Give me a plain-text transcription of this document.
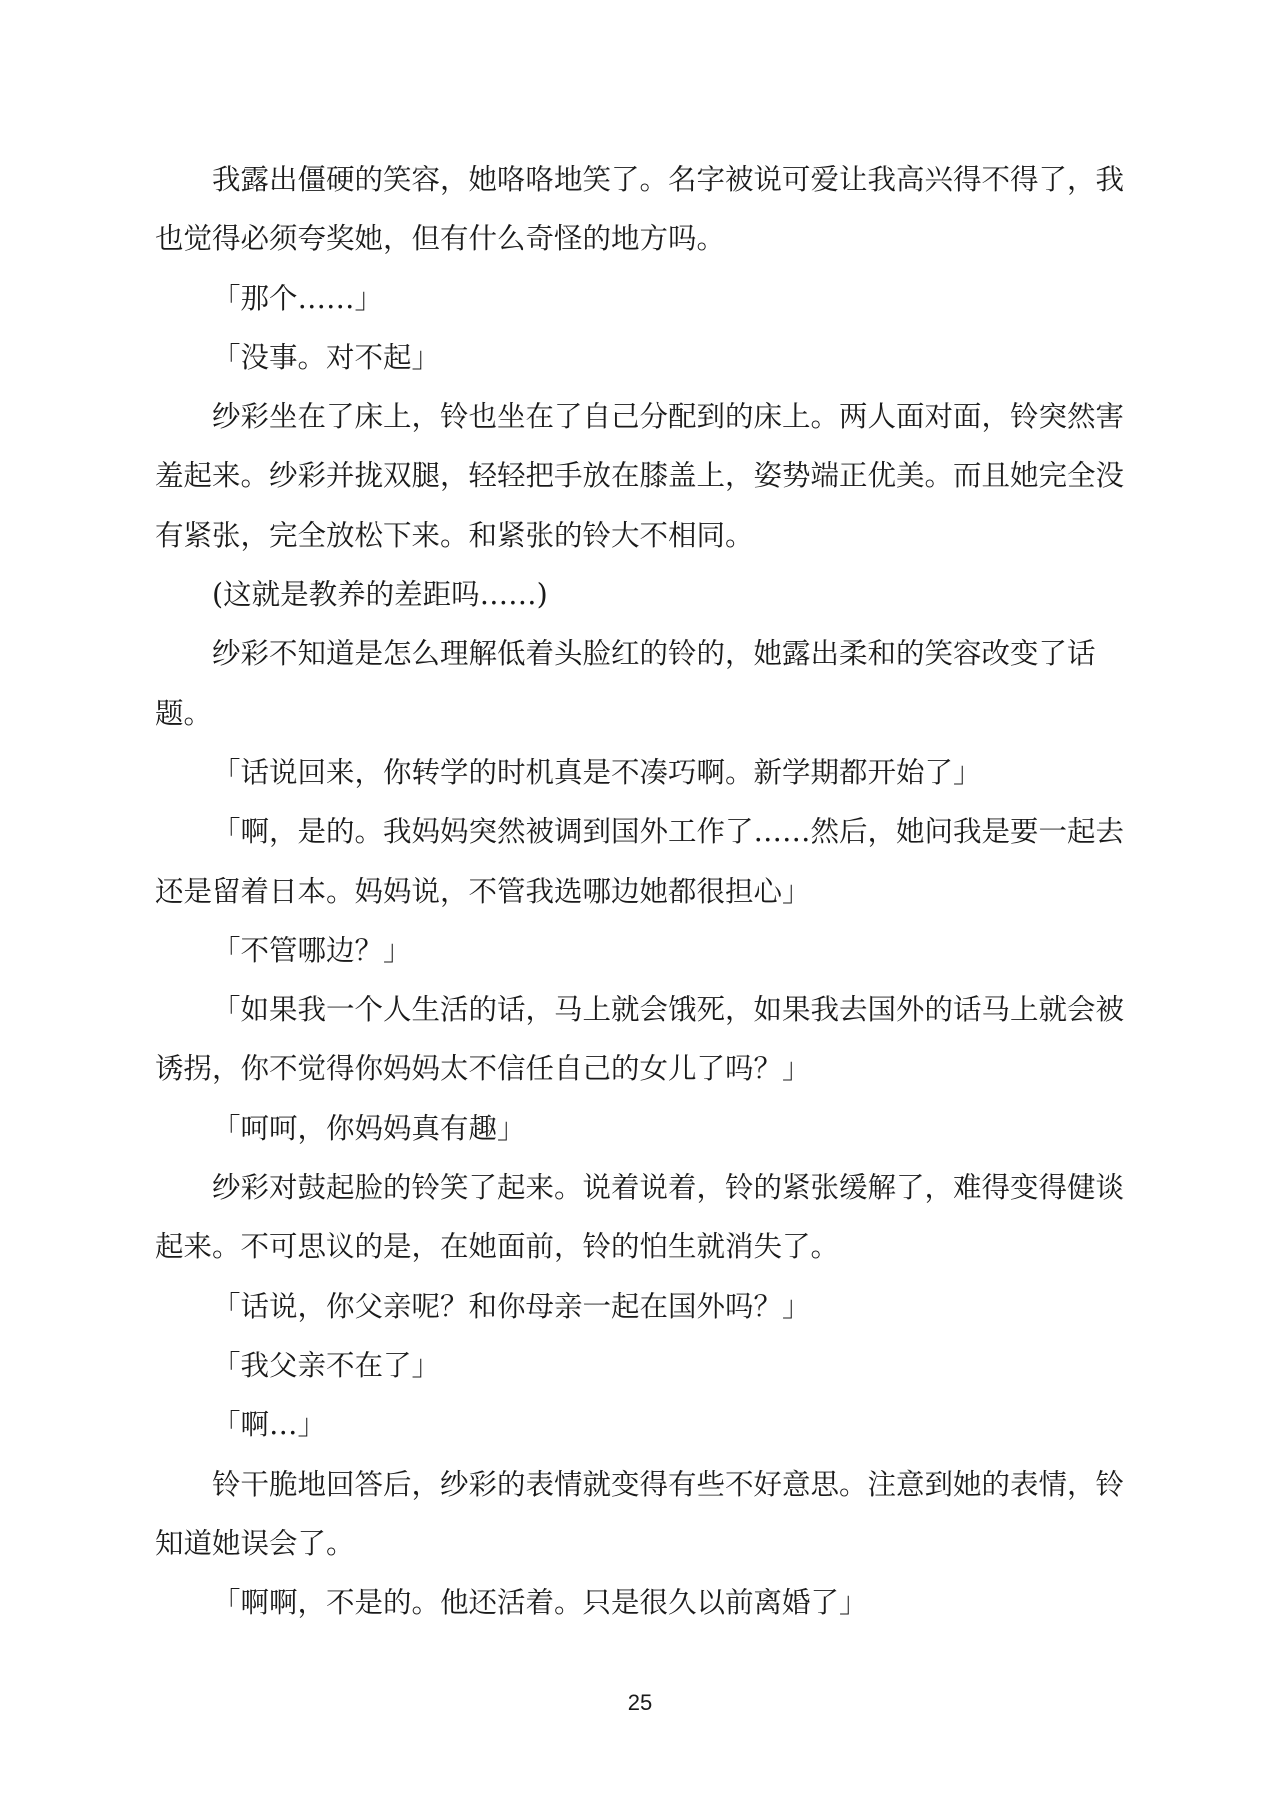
我露出僵硬的笑容，她咯咯地笑了。名字被说可爱让我高兴得不得了，我也觉得必须夸奖她，但有什么奇怪的地方吗。

「那个……」

「没事。对不起」

纱彩坐在了床上，铃也坐在了自己分配到的床上。两人面对面，铃突然害羞起来。纱彩并拢双腿，轻轻把手放在膝盖上，姿势端正优美。而且她完全没有紧张，完全放松下来。和紧张的铃大不相同。

(这就是教养的差距吗……)

纱彩不知道是怎么理解低着头脸红的铃的，她露出柔和的笑容改变了话题。

「话说回来，你转学的时机真是不凑巧啊。新学期都开始了」

「啊，是的。我妈妈突然被调到国外工作了……然后，她问我是要一起去还是留着日本。妈妈说，不管我选哪边她都很担心」

「不管哪边？」

「如果我一个人生活的话，马上就会饿死，如果我去国外的话马上就会被诱拐，你不觉得你妈妈太不信任自己的女儿了吗？」

「呵呵，你妈妈真有趣」

纱彩对鼓起脸的铃笑了起来。说着说着，铃的紧张缓解了，难得变得健谈起来。不可思议的是，在她面前，铃的怕生就消失了。

「话说，你父亲呢？和你母亲一起在国外吗？」

「我父亲不在了」

「啊…」

铃干脆地回答后，纱彩的表情就变得有些不好意思。注意到她的表情，铃知道她误会了。

「啊啊，不是的。他还活着。只是很久以前离婚了」

25
